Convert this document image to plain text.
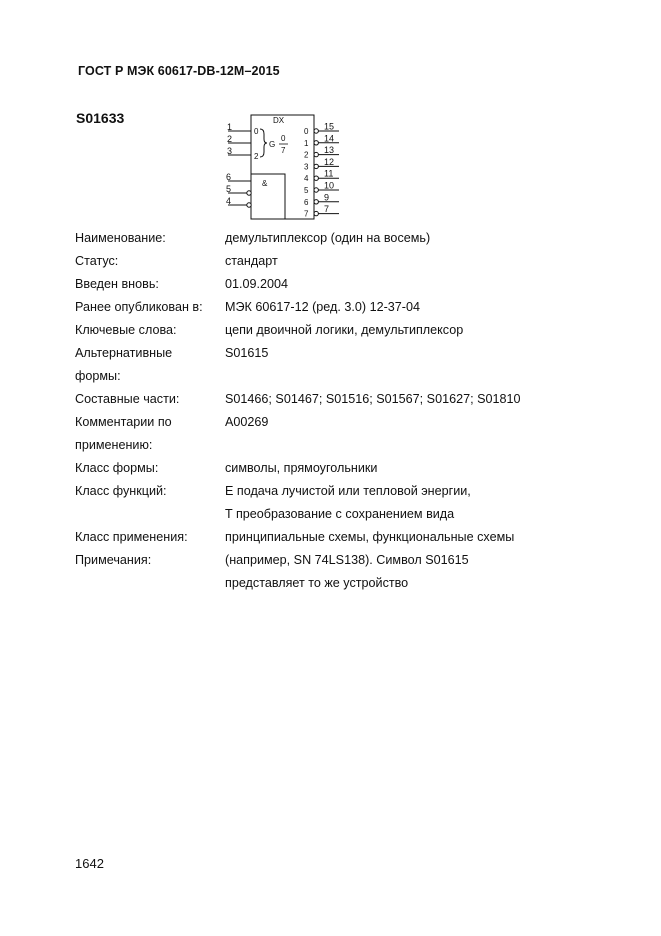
ГОСТ Р МЭК 60617-DB-12M–2015
S01633	DX
&
1
2
3
0
2
G
0
7
6
5
4
0 15
1 14
2 13
3 12
4 11
5 10
6 9
7 7
Наименование:	демультиплексор (один на восемь)
Статус:	стандарт
Введен вновь:	01.09.2004
Ранее опубликован в:	МЭК 60617-12 (ред. 3.0) 12-37-04
Ключевые слова:	цепи двоичной логики, демультиплексор
Альтернативные
формы:
S01615
Составные части:	S01466; S01467; S01516; S01567; S01627; S01810
Комментарии по
применению:
A00269
Класс формы:	символы, прямоугольники
Класс функций:	E подача лучистой или тепловой энергии,
T преобразование с сохранением вида
Класс применения:	принципиальные схемы, функциональные схемы
Примечания:	(например, SN 74LS138). Символ S01615
представляет то же устройство
1642
